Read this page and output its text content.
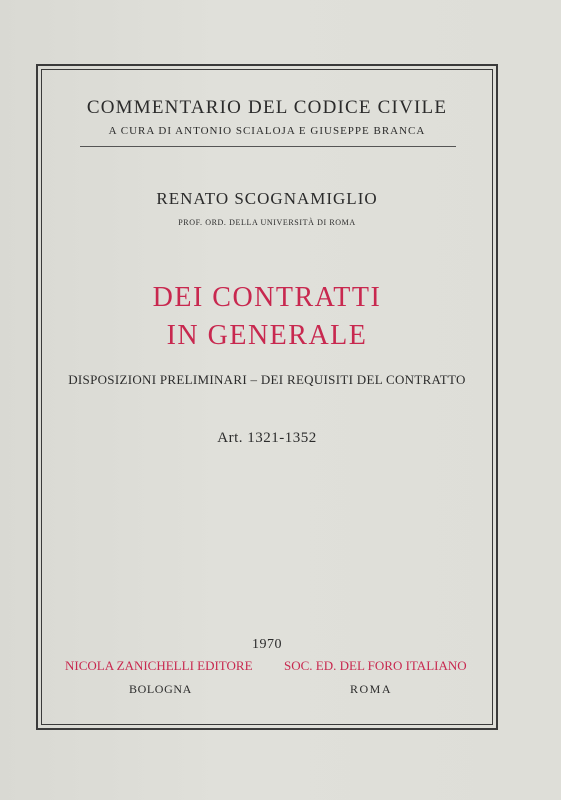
COMMENTARIO DEL CODICE CIVILE
A CURA DI ANTONIO SCIALOJA E GIUSEPPE BRANCA
RENATO SCOGNAMIGLIO
PROF. ORD. DELLA UNIVERSITÀ DI ROMA
DEI CONTRATTI
IN GENERALE
DISPOSIZIONI PRELIMINARI – DEI REQUISITI DEL CONTRATTO
Art. 1321-1352
1970
NICOLA ZANICHELLI EDITORE SOC. ED. DEL FORO ITALIANO
BOLOGNA	ROMA
